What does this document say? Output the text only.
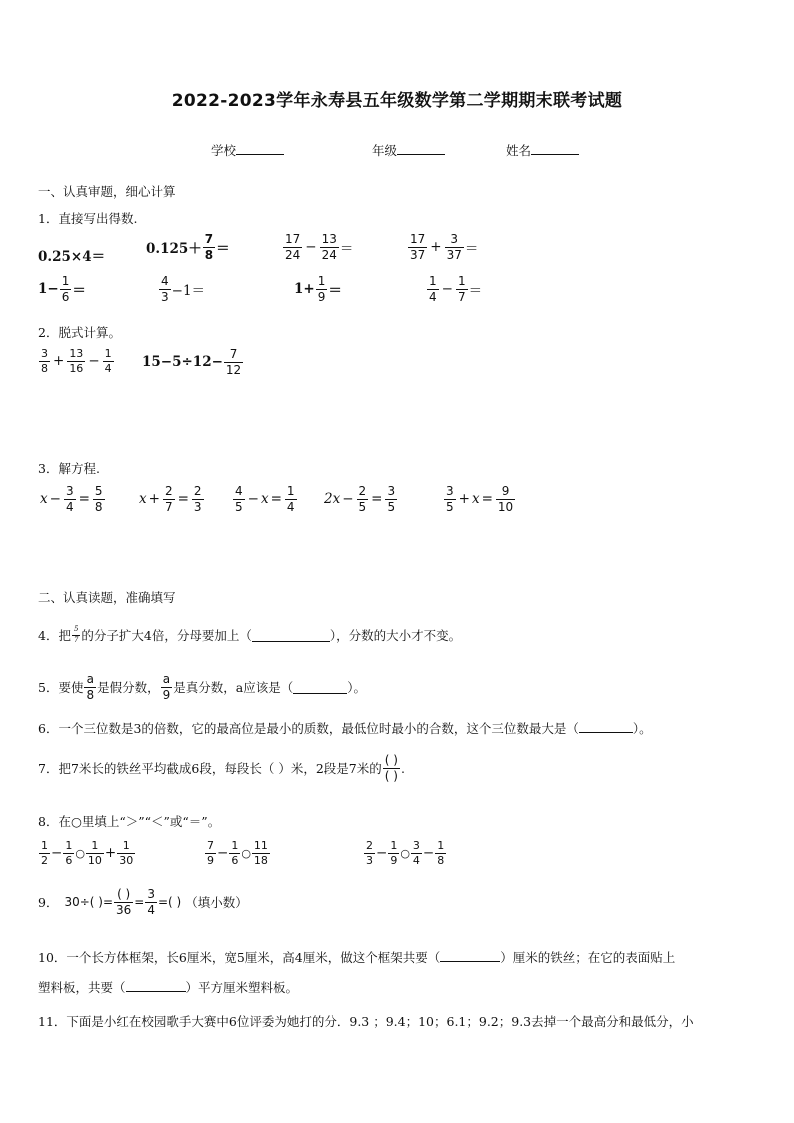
2022-2023学年永寿县五年级数学第二学期期末联考试题
学校	年级	姓名
一、认真审题，细心计算
1．直接写出得数.
0.25×4＝	$0.125+ \frac{7}{8}$ ＝	$\frac{17}{24} - \frac{13}{24}$ ＝	$\frac{17}{37} + \frac{3}{37}$ ＝
$1- \frac{1}{6}$ ＝	$\frac{4}{3} -1=$	$1+ \frac{1}{9}$ ＝	$\frac{1}{4} - \frac{1}{7}$ ＝
2．脱式计算。
$\frac{3}{8} + \frac{13}{16} - \frac{1}{4} 15-5\div 12- \frac{7}{12}$
3．解方程.
$x - \frac{3}{4} = \frac{5}{8}$	$x + \frac{2}{7} = \frac{2}{3} \frac{4}{5} - x = \frac{1}{4} 2x - \frac{2}{5} = \frac{3}{5}$	$\frac{3}{5} + x = \frac{9}{10}$
二、认真读题，准确填写
4．把 $\frac{5}{7}$ 的分子扩大4倍，分母要加上（	），分数的大小才不变。
5．要使 $\frac{a}{8}$ 是假分数， $\frac{a}{9}$ 是真分数，a应该是（	）。
6．一个三位数是3的倍数，它的最高位是最小的质数，最低位时最小的合数，这个三位数最大是（	）。
7．把7米长的铁丝平均截成6段，每段长（ ）米，2段是7米的 $\frac{( )}{( )}$ .
8．在○里填上“＞”“＜”或“＝”。
$\frac{1}{2} - \frac{1}{6}$ ○ $\frac{1}{10} + \frac{1}{30}$	$\frac{7}{9} - \frac{1}{6}$ ○ $\frac{11}{18}$	$\frac{2}{3} - \frac{1}{9}$ ○ $\frac{3}{4} - \frac{1}{8}$
9． 30÷( )= $\frac{( )}{36} = \frac{3}{4}$ =( ) （填小数）
10．一个长方体框架，长6厘米，宽5厘米，高4厘米，做这个框架共要（	）厘米的铁丝；在它的表面贴上
塑料板，共要（	）平方厘米塑料板。
11．下面是小红在校园歌手大赛中6位评委为她打的分．9.3 ；9.4；10；6.1；9.2；9.3去掉一个最高分和最低分，小
